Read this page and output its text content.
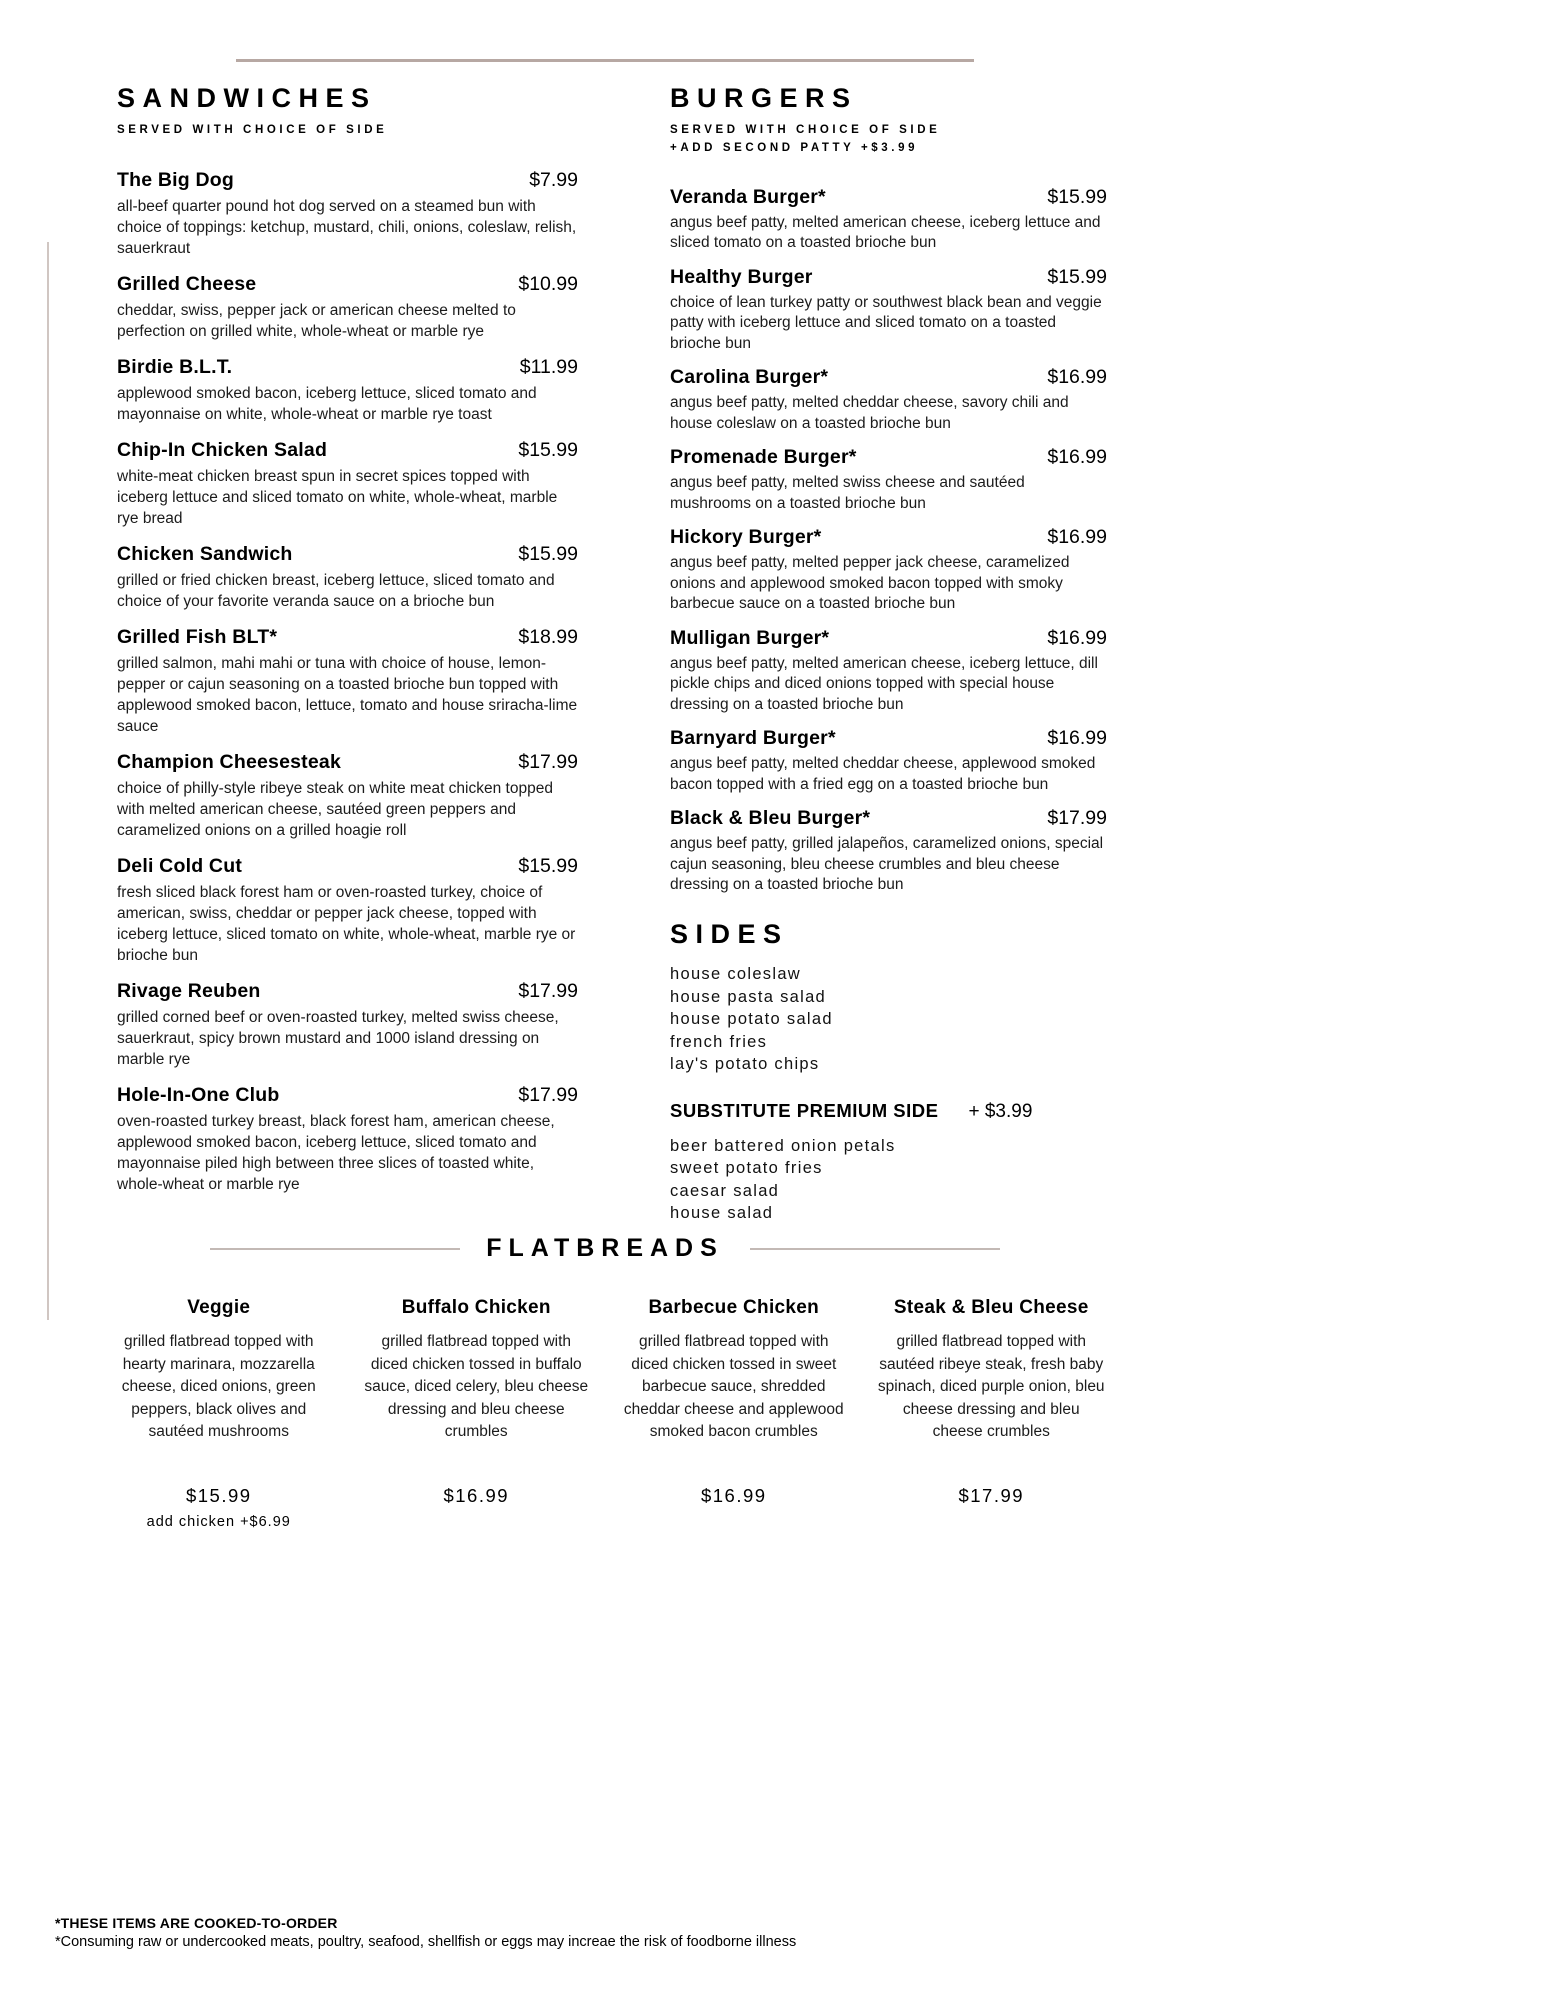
SANDWICHES
SERVED WITH CHOICE OF SIDE
The Big Dog	$7.99
all-beef quarter pound hot dog served on a steamed bun with choice of toppings: ketchup, mustard, chili, onions, coleslaw, relish, sauerkraut
Grilled Cheese	$10.99
cheddar, swiss, pepper jack or american cheese melted to perfection on grilled white, whole-wheat or marble rye
Birdie B.L.T.	$11.99
applewood smoked bacon, iceberg lettuce, sliced tomato and mayonnaise on white, whole-wheat or marble rye toast
Chip-In Chicken Salad	$15.99
white-meat chicken breast spun in secret spices topped with iceberg lettuce and sliced tomato on white, whole-wheat, marble rye bread
Chicken Sandwich	$15.99
grilled or fried chicken breast, iceberg lettuce, sliced tomato and choice of your favorite veranda sauce on a brioche bun
Grilled Fish BLT*	$18.99
grilled salmon, mahi mahi or tuna with choice of house, lemon-pepper or cajun seasoning on a toasted brioche bun topped with applewood smoked bacon, lettuce, tomato and house sriracha-lime sauce
Champion Cheesesteak	$17.99
choice of philly-style ribeye steak on white meat chicken topped with melted american cheese, sautéed green peppers and caramelized onions on a grilled hoagie roll
Deli Cold Cut	$15.99
fresh sliced black forest ham or oven-roasted turkey, choice of american, swiss, cheddar or pepper jack cheese, topped with iceberg lettuce, sliced tomato on white, whole-wheat, marble rye or brioche bun
Rivage Reuben	$17.99
grilled corned beef or oven-roasted turkey, melted swiss cheese, sauerkraut, spicy brown mustard and 1000 island dressing on marble rye
Hole-In-One Club	$17.99
oven-roasted turkey breast, black forest ham, american cheese, applewood smoked bacon, iceberg lettuce, sliced tomato and mayonnaise piled high between three slices of toasted white, whole-wheat or marble rye
BURGERS
SERVED WITH CHOICE OF SIDE
+ADD SECOND PATTY +$3.99
Veranda Burger*	$15.99
angus beef patty, melted american cheese, iceberg lettuce and sliced tomato on a toasted brioche bun
Healthy Burger	$15.99
choice of lean turkey patty or southwest black bean and veggie patty with iceberg lettuce and sliced tomato on a toasted brioche bun
Carolina Burger*	$16.99
angus beef patty, melted cheddar cheese, savory chili and house coleslaw on a toasted brioche bun
Promenade Burger*	$16.99
angus beef patty, melted swiss cheese and sautéed mushrooms on a toasted brioche bun
Hickory Burger*	$16.99
angus beef patty, melted pepper jack cheese, caramelized onions and applewood smoked bacon topped with smoky barbecue sauce on a toasted brioche bun
Mulligan Burger*	$16.99
angus beef patty, melted american cheese, iceberg lettuce, dill pickle chips and diced onions topped with special house dressing on a toasted brioche bun
Barnyard Burger*	$16.99
angus beef patty, melted cheddar cheese, applewood smoked bacon topped with a fried egg on a toasted brioche bun
Black & Bleu Burger*	$17.99
angus beef patty, grilled jalapeños, caramelized onions, special cajun seasoning, bleu cheese crumbles and bleu cheese dressing on a toasted brioche bun
SIDES
house coleslaw
house pasta salad
house potato salad
french fries
lay's potato chips
SUBSTITUTE PREMIUM SIDE + $3.99
beer battered onion petals
sweet potato fries
caesar salad
house salad
FLATBREADS
Veggie
grilled flatbread topped with hearty marinara, mozzarella cheese, diced onions, green peppers, black olives and sautéed mushrooms
$15.99
add chicken +$6.99
Buffalo Chicken
grilled flatbread topped with diced chicken tossed in buffalo sauce, diced celery, bleu cheese dressing and bleu cheese crumbles
$16.99
Barbecue Chicken
grilled flatbread topped with diced chicken tossed in sweet barbecue sauce, shredded cheddar cheese and applewood smoked bacon crumbles
$16.99
Steak & Bleu Cheese
grilled flatbread topped with sautéed ribeye steak, fresh baby spinach, diced purple onion, bleu cheese dressing and bleu cheese crumbles
$17.99
*THESE ITEMS ARE COOKED-TO-ORDER
*Consuming raw or undercooked meats, poultry, seafood, shellfish or eggs may increae the risk of foodborne illness
